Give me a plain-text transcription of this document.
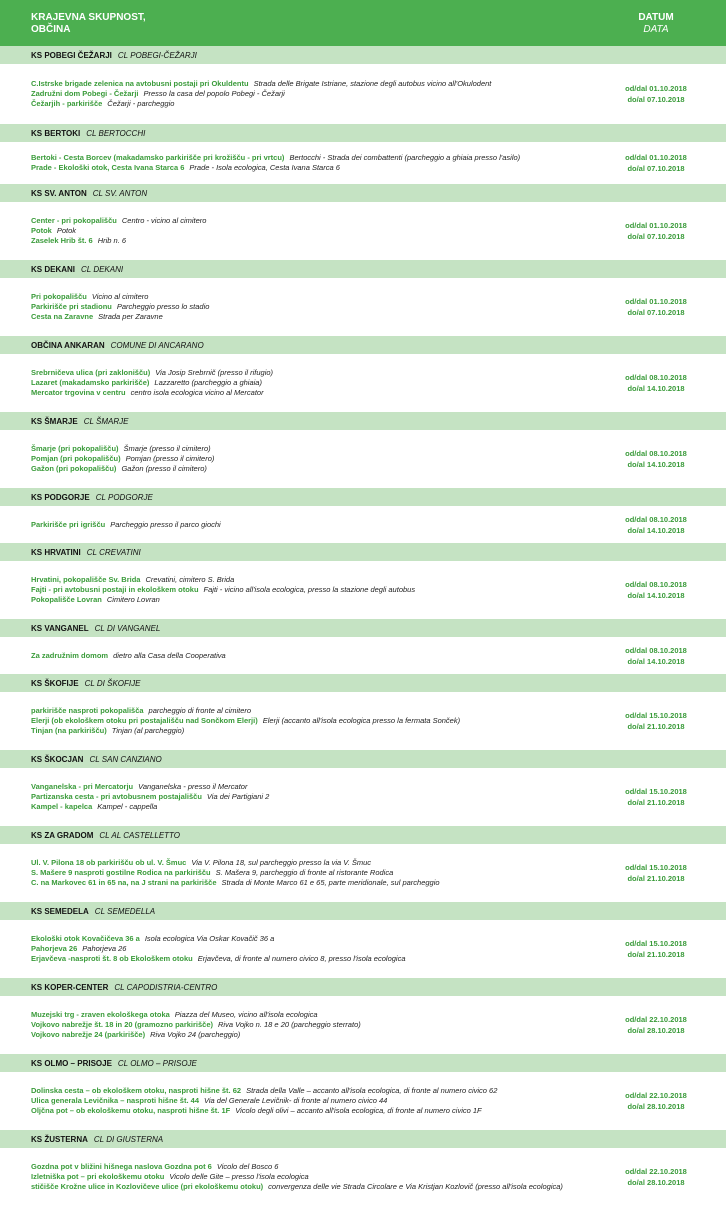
KRAJEVNA SKUPNOST,
OBČINA
DATUM
DATA
KS POBEGI ČEŽARJI CL POBEGI-ČEŽARJI
C.Istrske brigade zelenica na avtobusni postaji pri Okuldentu Strada delle Brigate Istriane, stazione degli autobus vicino all'Okulodent
Zadružni dom Pobegi - Čežarji Presso la casa del popolo Pobegi - Čežarji
Čežarjih - parkirišče Čežarji - parcheggio
od/dal 01.10.2018
do/al 07.10.2018
KS BERTOKI CL BERTOCCHI
Bertoki - Cesta Borcev (makadamsko parkirišče pri krožišču - pri vrtcu) Bertocchi - Strada dei combattenti (parcheggio a ghiaia presso l'asilo)
Prade - Ekološki otok, Cesta Ivana Starca 6 Prade - Isola ecologica, Cesta Ivana Starca 6
od/dal 01.10.2018
do/al 07.10.2018
KS SV. ANTON CL SV. ANTON
Center - pri pokopališču Centro - vicino al cimitero
Potok Potok
Zaselek Hrib št. 6 Hrib n. 6
od/dal 01.10.2018
do/al 07.10.2018
KS DEKANI CL DEKANI
Pri pokopališču Vicino al cimitero
Parkirišče pri stadionu Parcheggio presso lo stadio
Cesta na Zaravne Strada per Zaravne
od/dal 01.10.2018
do/al 07.10.2018
OBČINA ANKARAN COMUNE DI ANCARANO
Srebrničeva ulica (pri zaklonišču) Via Josip Srebrnič (presso il rifugio)
Lazaret (makadamsko parkirišče) Lazzaretto (parcheggio a ghiaia)
Mercator trgovina v centru centro isola ecologica vicino al Mercator
od/dal 08.10.2018
do/al 14.10.2018
KS ŠMARJE CL ŠMARJE
Šmarje (pri pokopališču) Šmarje (presso il cimitero)
Pomjan (pri pokopališču) Pomjan (presso il cimitero)
Gažon (pri pokopališču) Gažon (presso il cimitero)
od/dal 08.10.2018
do/al 14.10.2018
KS PODGORJE CL PODGORJE
Parkirišče pri igrišču Parcheggio presso il parco giochi
od/dal 08.10.2018
do/al 14.10.2018
KS HRVATINI CL CREVATINI
Hrvatini, pokopališče Sv. Brida Crevatini, cimitero S. Brida
Fajti - pri avtobusni postaji in ekološkem otoku Fajti - vicino all'isola ecologica, presso la stazione degli autobus
Pokopališče Lovran Cimitero Lovran
od/dal 08.10.2018
do/al 14.10.2018
KS VANGANEL CL DI VANGANEL
Za zadružnim domom dietro alla Casa della Cooperativa
od/dal 08.10.2018
do/al 14.10.2018
KS ŠKOFIJE CL DI ŠKOFIJE
parkirišče nasproti pokopališča parcheggio di fronte al cimitero
Elerji (ob ekološkem otoku pri postajališču nad Sončkom Elerji) Elerji (accanto all'isola ecologica presso la fermata Sonček)
Tinjan (na parkirišču) Tinjan (al parcheggio)
od/dal 15.10.2018
do/al 21.10.2018
KS ŠKOCJAN CL SAN CANZIANO
Vanganelska - pri Mercatorju Vanganelska - presso il Mercator
Partizanska cesta - pri avtobusnem postajališču Via dei Partigiani 2
Kampel - kapelca Kampel - cappella
od/dal 15.10.2018
do/al 21.10.2018
KS ZA GRADOM CL AL CASTELLETTO
Ul. V. Pilona 18 ob parkirišču ob ul. V. Šmuc Via V. Pilona 18, sul parcheggio presso la via V. Šmuc
S. Mašere 9 nasproti gostilne Rodica na parkirišču S. Mašera 9, parcheggio di fronte al ristorante Rodica
C. na Markovec 61 in 65 na, na J strani na parkirišče Strada di Monte Marco 61 e 65, parte meridionale, sul parcheggio
od/dal 15.10.2018
do/al 21.10.2018
KS SEMEDELA CL SEMEDELLA
Ekološki otok Kovačičeva 36 a Isola ecologica Via Oskar Kovačič 36 a
Pahorjeva 26 Pahorjeva 26
Erjavčeva -nasproti št. 8 ob Ekološkem otoku Erjavčeva, di fronte al numero civico 8, presso l'isola ecologica
od/dal 15.10.2018
do/al 21.10.2018
KS KOPER-CENTER CL CAPODISTRIA-CENTRO
Muzejski trg - zraven ekološkega otoka Piazza del Museo, vicino all'isola ecologica
Vojkovo nabrežje št. 18 in 20 (gramozno parkirišče) Riva Vojko n. 18 e 20 (parcheggio sterrato)
Vojkovo nabrežje 24 (parkirišče) Riva Vojko 24 (parcheggio)
od/dal 22.10.2018
do/al 28.10.2018
KS OLMO – PRISOJE CL OLMO – PRISOJE
Dolinska cesta – ob ekološkem otoku, nasproti hišne št. 62 Strada della Valle – accanto all'isola ecologica, di fronte al numero civico 62
Ulica generala Levičnika – nasproti hišne št. 44 Via del Generale Levičnik- di fronte al numero civico 44
Oljčna pot – ob ekološkemu otoku, nasproti hišne št. 1F Vicolo degli olivi – accanto all'isola ecologica, di fronte al numero civico 1F
od/dal 22.10.2018
do/al 28.10.2018
KS ŽUSTERNA CL DI GIUSTERNA
Gozdna pot v bližini hišnega naslova Gozdna pot 6 Vicolo del Bosco 6
Izletniška pot – pri ekološkemu otoku Vicolo delle Gite – presso l'isola ecologica
stičišče Krožne ulice in Kozlovičeve ulice (pri ekološkemu otoku) convergenza delle vie Strada Circolare e Via Kristjan Kozlovič (presso all'isola ecologica)
od/dal 22.10.2018
do/al 28.10.2018
